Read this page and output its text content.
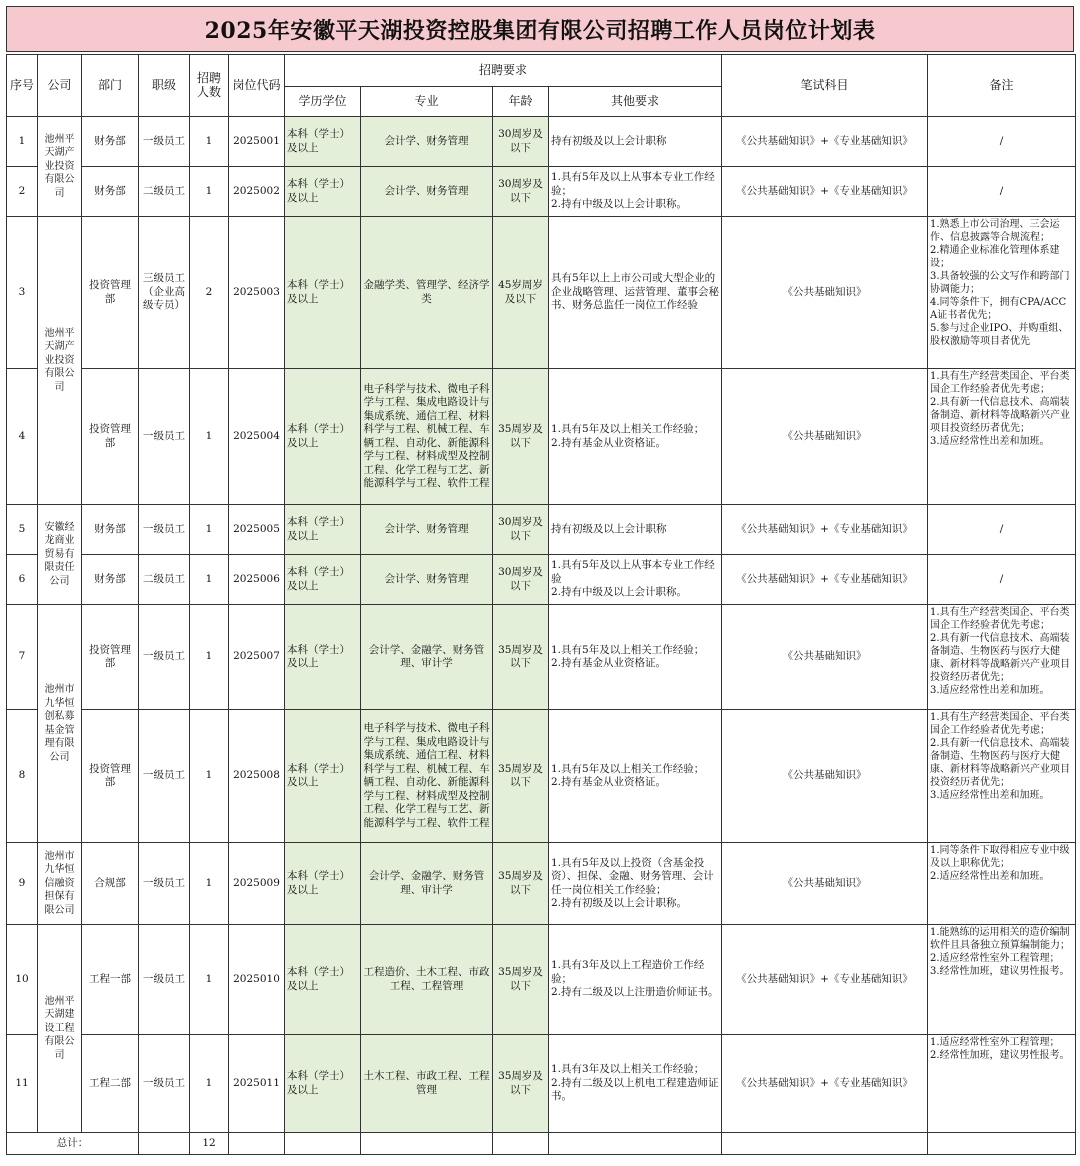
2025年安徽平天湖投资控股集团有限公司招聘工作人员岗位计划表
序号	公司	部门	职级	招聘人数	岗位代码	招聘要求				笔试科目	备注
						学历学位	专业	年龄	其他要求		
1	池州平天湖产业投资有限公司	财务部	一级员工	1	2025001	本科（学士）及以上	会计学、财务管理	30周岁及以下	持有初级及以上会计职称	《公共基础知识》+《专业基础知识》	/
2		财务部	二级员工	1	2025002	本科（学士）及以上	会计学、财务管理	30周岁及以下	1.具有5年及以上从事本专业工作经验；
2.持有中级及以上会计职称。	《公共基础知识》+《专业基础知识》	/
3	池州平天湖产业投资有限公司	投资管理部	三级员工（企业高级专员）	2	2025003	本科（学士）及以上	金融学类、管理学、经济学类	45岁周岁及以下	具有5年以上上市公司或大型企业的企业战略管理、运营管理、董事会秘书、财务总监任一岗位工作经验	《公共基础知识》	1.熟悉上市公司治理、三会运作、信息披露等合规流程；
2.精通企业标准化管理体系建设；
3.具备较强的公文写作和跨部门协调能力；
4.同等条件下，拥有CPA/ACCA证书者优先；
5.参与过企业IPO、并购重组、股权激励等项目者优先
4		投资管理部	一级员工	1	2025004	本科（学士）及以上	电子科学与技术、微电子科学与工程、集成电路设计与集成系统、通信工程、材料科学与工程、机械工程、车辆工程、自动化、新能源科学与工程、材料成型及控制工程、化学工程与工艺、新能源科学与工程、软件工程	35周岁及以下	1.具有5年及以上相关工作经验；
2.持有基金从业资格证。	《公共基础知识》	1.具有生产经营类国企、平台类国企工作经验者优先考虑；
2.具有新一代信息技术、高端装备制造、新材料等战略新兴产业项目投资经历者优先；
3.适应经常性出差和加班。
5	安徽经龙商业贸易有限责任公司	财务部	一级员工	1	2025005	本科（学士）及以上	会计学、财务管理	30周岁及以下	持有初级及以上会计职称	《公共基础知识》+《专业基础知识》	/
6		财务部	二级员工	1	2025006	本科（学士）及以上	会计学、财务管理	30周岁及以下	1.具有5年及以上从事本专业工作经验
2.持有中级及以上会计职称。	《公共基础知识》+《专业基础知识》	/
7	池州市九华恒创私募基金管理有限公司	投资管理部	一级员工	1	2025007	本科（学士）及以上	会计学、金融学、财务管理、审计学	35周岁及以下	1.具有5年及以上相关工作经验；
2.持有基金从业资格证。	《公共基础知识》	1.具有生产经营类国企、平台类国企工作经验者优先考虑；　　2.具有新一代信息技术、高端装备制造、生物医药与医疗大健康、新材料等战略新兴产业项目投资经历者优先；
3.适应经常性出差和加班。
8		投资管理部	一级员工	1	2025008	本科（学士）及以上	电子科学与技术、微电子科学与工程、集成电路设计与集成系统、通信工程、材料科学与工程、机械工程、车辆工程、自动化、新能源科学与工程、材料成型及控制工程、化学工程与工艺、新能源科学与工程、软件工程	35周岁及以下	1.具有5年及以上相关工作经验；
2.持有基金从业资格证。	《公共基础知识》	1.具有生产经营类国企、平台类国企工作经验者优先考虑；　　2.具有新一代信息技术、高端装备制造、生物医药与医疗大健康、新材料等战略新兴产业项目投资经历者优先；
3.适应经常性出差和加班。
9	池州市九华恒信融资担保有限公司	合规部	一级员工	1	2025009	本科（学士）及以上	会计学、金融学、财务管理、审计学	35周岁及以下	1.具有5年及以上投资（含基金投资）、担保、金融、财务管理、会计任一岗位相关工作经验；
2.持有初级及以上会计职称。	《公共基础知识》	1.同等条件下取得相应专业中级及以上职称优先；
2.适应经常性出差和加班。
10	池州平天湖建设工程有限公司	工程一部	一级员工	1	2025010	本科（学士）及以上	工程造价、土木工程、市政工程、工程管理	35周岁及以下	1.具有3年及以上工程造价工作经验；
2.持有二级及以上注册造价师证书。	《公共基础知识》+《专业基础知识》	1.能熟练的运用相关的造价编制软件且具备独立预算编制能力；
2.适应经常性室外工程管理；
3.经常性加班，建议男性报考。
11		工程二部	一级员工	1	2025011	本科（学士）及以上	土木工程、市政工程、工程管理	35周岁及以下	1.具有3年及以上相关工作经验；
2.持有二级及以上机电工程建造师证书。	《公共基础知识》+《专业基础知识》	1.适应经常性室外工程管理；
2.经常性加班，建议男性报考。
总计：				12							
